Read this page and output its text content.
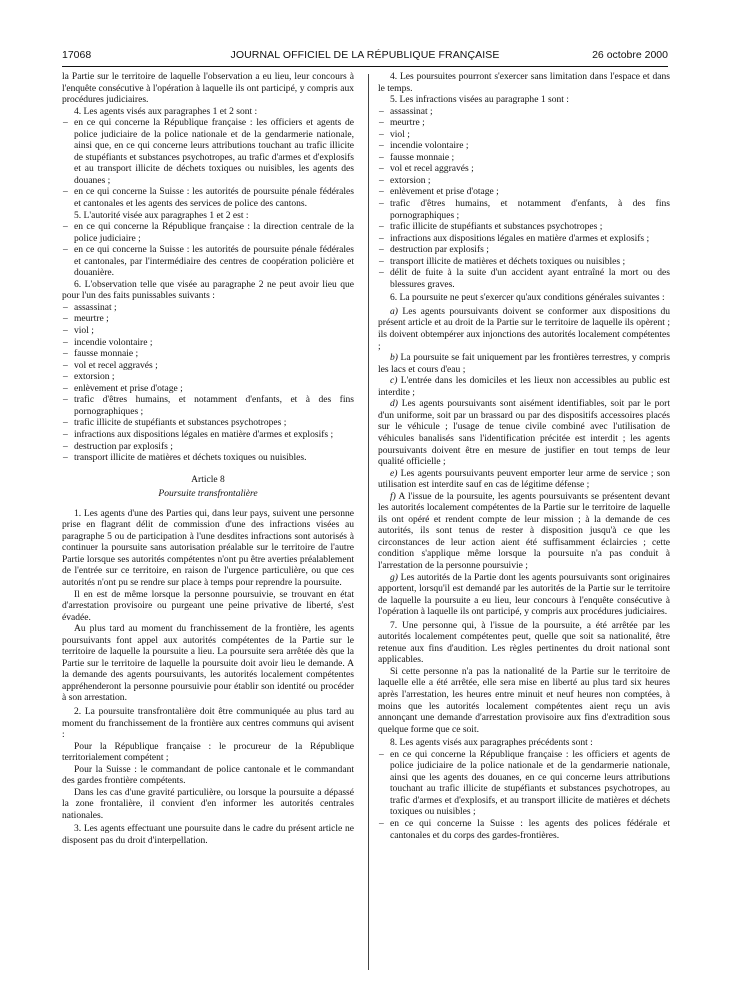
17068	JOURNAL OFFICIEL DE LA RÉPUBLIQUE FRANÇAISE	26 octobre 2000

la Partie sur le territoire de laquelle l'observation a eu lieu, leur concours à l'enquête consécutive à l'opération à laquelle ils ont participé, y compris aux procédures judiciaires.

4. Les agents visés aux paragraphes 1 et 2 sont :

– en ce qui concerne la République française : les officiers et agents de police judiciaire de la police nationale et de la gendarmerie nationale, ainsi que, en ce qui concerne leurs attributions touchant au trafic illicite de stupéfiants et substances psychotropes, au trafic d'armes et d'explosifs et au transport illicite de déchets toxiques ou nuisibles, les agents des douanes ;
– en ce qui concerne la Suisse : les autorités de poursuite pénale fédérales et cantonales et les agents des services de police des cantons.

5. L'autorité visée aux paragraphes 1 et 2 est :

– en ce qui concerne la République française : la direction centrale de la police judiciaire ;
– en ce qui concerne la Suisse : les autorités de poursuite pénale fédérales et cantonales, par l'intermédiaire des centres de coopération policière et douanière.

6. L'observation telle que visée au paragraphe 2 ne peut avoir lieu que pour l'un des faits punissables suivants :

– assassinat ;
– meurtre ;
– viol ;
– incendie volontaire ;
– fausse monnaie ;
– vol et recel aggravés ;
– extorsion ;
– enlèvement et prise d'otage ;
– trafic d'êtres humains, et notamment d'enfants, et à des fins pornographiques ;
– trafic illicite de stupéfiants et substances psychotropes ;
– infractions aux dispositions légales en matière d'armes et explosifs ;
– destruction par explosifs ;
– transport illicite de matières et déchets toxiques ou nuisibles.

Article 8

Poursuite transfrontalière

1. Les agents d'une des Parties qui, dans leur pays, suivent une personne prise en flagrant délit de commission d'une des infractions visées au paragraphe 5 ou de participation à l'une desdites infractions sont autorisés à continuer la poursuite sans autorisation préalable sur le territoire de l'autre Partie lorsque ses autorités compétentes n'ont pu être averties préalablement de l'entrée sur ce territoire, en raison de l'urgence particulière, ou que ces autorités n'ont pu se rendre sur place à temps pour reprendre la poursuite.

Il en est de même lorsque la personne poursuivie, se trouvant en état d'arrestation provisoire ou purgeant une peine privative de liberté, s'est évadée.

Au plus tard au moment du franchissement de la frontière, les agents poursuivants font appel aux autorités compétentes de la Partie sur le territoire de laquelle la poursuite a lieu. La poursuite sera arrêtée dès que la Partie sur le territoire de laquelle la poursuite doit avoir lieu le demande. A la demande des agents poursuivants, les autorités localement compétentes appréhenderont la personne poursuivie pour établir son identité ou procéder à son arrestation.

2. La poursuite transfrontalière doit être communiquée au plus tard au moment du franchissement de la frontière aux centres communs qui avisent :

Pour la République française : le procureur de la République territorialement compétent ;

Pour la Suisse : le commandant de police cantonale et le commandant des gardes frontière compétents.

Dans les cas d'une gravité particulière, ou lorsque la poursuite a dépassé la zone frontalière, il convient d'en informer les autorités centrales nationales.

3. Les agents effectuant une poursuite dans le cadre du présent article ne disposent pas du droit d'interpellation.

4. Les poursuites pourront s'exercer sans limitation dans l'espace et dans le temps.

5. Les infractions visées au paragraphe 1 sont :

– assassinat ;
– meurtre ;
– viol ;
– incendie volontaire ;
– fausse monnaie ;
– vol et recel aggravés ;
– extorsion ;
– enlèvement et prise d'otage ;
– trafic d'êtres humains, et notamment d'enfants, à des fins pornographiques ;
– trafic illicite de stupéfiants et substances psychotropes ;
– infractions aux dispositions légales en matière d'armes et explosifs ;
– destruction par explosifs ;
– transport illicite de matières et déchets toxiques ou nuisibles ;
– délit de fuite à la suite d'un accident ayant entraîné la mort ou des blessures graves.

6. La poursuite ne peut s'exercer qu'aux conditions générales suivantes :

a) Les agents poursuivants doivent se conformer aux dispositions du présent article et au droit de la Partie sur le territoire de laquelle ils opèrent ; ils doivent obtempérer aux injonctions des autorités localement compétentes ;

b) La poursuite se fait uniquement par les frontières terrestres, y compris les lacs et cours d'eau ;

c) L'entrée dans les domiciles et les lieux non accessibles au public est interdite ;

d) Les agents poursuivants sont aisément identifiables, soit par le port d'un uniforme, soit par un brassard ou par des dispositifs accessoires placés sur le véhicule ; l'usage de tenue civile combiné avec l'utilisation de véhicules banalisés sans l'identification précitée est interdit ; les agents poursuivants doivent être en mesure de justifier en tout temps de leur qualité officielle ;

e) Les agents poursuivants peuvent emporter leur arme de service ; son utilisation est interdite sauf en cas de légitime défense ;

f) A l'issue de la poursuite, les agents poursuivants se présentent devant les autorités localement compétentes de la Partie sur le territoire de laquelle ils ont opéré et rendent compte de leur mission ; à la demande de ces autorités, ils sont tenus de rester à disposition jusqu'à ce que les circonstances de leur action aient été suffisamment éclaircies ; cette condition s'applique même lorsque la poursuite n'a pas conduit à l'arrestation de la personne poursuivie ;

g) Les autorités de la Partie dont les agents poursuivants sont originaires apportent, lorsqu'il est demandé par les autorités de la Partie sur le territoire de laquelle la poursuite a eu lieu, leur concours à l'enquête consécutive à l'opération à laquelle ils ont participé, y compris aux procédures judiciaires.

7. Une personne qui, à l'issue de la poursuite, a été arrêtée par les autorités localement compétentes peut, quelle que soit sa nationalité, être retenue aux fins d'audition. Les règles pertinentes du droit national sont applicables.

Si cette personne n'a pas la nationalité de la Partie sur le territoire de laquelle elle a été arrêtée, elle sera mise en liberté au plus tard six heures après l'arrestation, les heures entre minuit et neuf heures non comptées, à moins que les autorités localement compétentes aient reçu un avis annonçant une demande d'arrestation provisoire aux fins d'extradition sous quelque forme que ce soit.

8. Les agents visés aux paragraphes précédents sont :

– en ce qui concerne la République française : les officiers et agents de police judiciaire de la police nationale et de la gendarmerie nationale, ainsi que les agents des douanes, en ce qui concerne leurs attributions touchant au trafic illicite de stupéfiants et substances psychotropes, au trafic d'armes et d'explosifs, et au transport illicite de matières et déchets toxiques ou nuisibles ;
– en ce qui concerne la Suisse : les agents des polices fédérale et cantonales et du corps des gardes-frontières.
